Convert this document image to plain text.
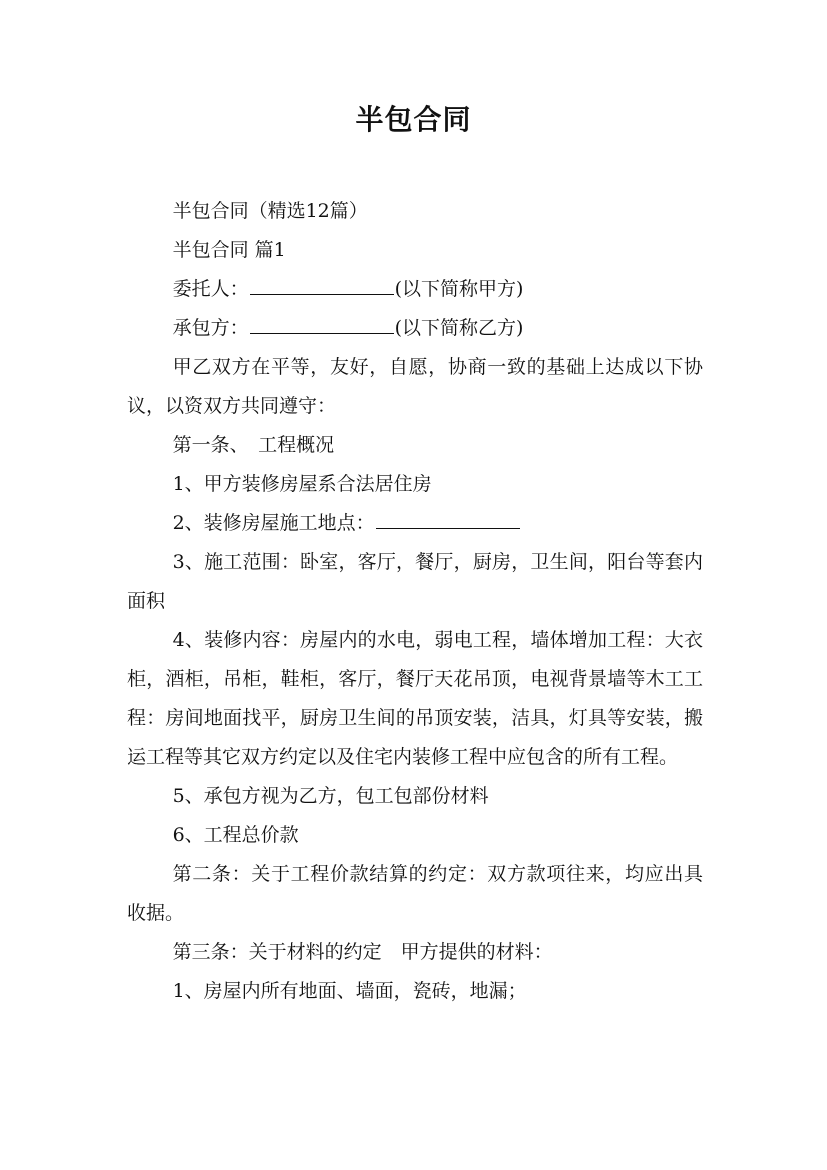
半包合同

半包合同（精选12篇）

半包合同 篇1

委托人：	(以下简称甲方)

承包方：	(以下简称乙方)

甲乙双方在平等，友好，自愿，协商一致的基础上达成以下协议，以资双方共同遵守：

第一条、　工程概况

1、甲方装修房屋系合法居住房

2、装修房屋施工地点：

3、施工范围：卧室，客厅，餐厅，厨房，卫生间，阳台等套内面积

4、装修内容：房屋内的水电，弱电工程，墙体增加工程：大衣柜，酒柜，吊柜，鞋柜，客厅，餐厅天花吊顶，电视背景墙等木工工程：房间地面找平，厨房卫生间的吊顶安装，洁具，灯具等安装，搬运工程等其它双方约定以及住宅内装修工程中应包含的所有工程。

5、承包方视为乙方，包工包部份材料

6、工程总价款

第二条：关于工程价款结算的约定：双方款项往来，均应出具收据。

第三条：关于材料的约定　甲方提供的材料：

1、房屋内所有地面、墙面，瓷砖，地漏；
